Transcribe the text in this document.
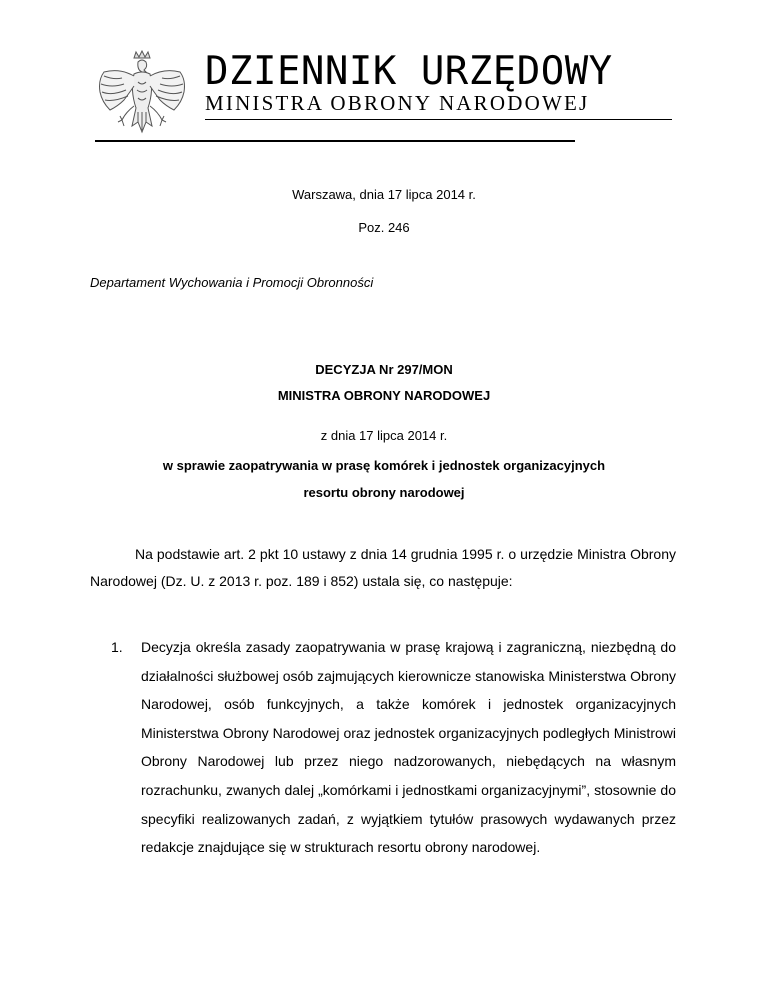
DZIENNIK URZĘDOWY
MINISTRA OBRONY NARODOWEJ
Warszawa, dnia 17 lipca 2014 r.
Poz. 246
Departament Wychowania i Promocji Obronności
DECYZJA Nr 297/MON
MINISTRA OBRONY NARODOWEJ
z dnia 17 lipca 2014 r.
w sprawie zaopatrywania w prasę komórek i jednostek organizacyjnych
resortu obrony narodowej
Na podstawie art. 2 pkt 10 ustawy z dnia 14 grudnia 1995 r. o urzędzie Ministra Obrony Narodowej (Dz. U. z 2013 r. poz. 189 i 852) ustala się, co następuje:
1. Decyzja określa zasady zaopatrywania w prasę krajową i zagraniczną, niezbędną do działalności służbowej osób zajmujących kierownicze stanowiska Ministerstwa Obrony Narodowej, osób funkcyjnych, a także komórek i jednostek organizacyjnych Ministerstwa Obrony Narodowej oraz jednostek organizacyjnych podległych Ministrowi Obrony Narodowej lub przez niego nadzorowanych, niebędących na własnym rozrachunku, zwanych dalej „komórkami i jednostkami organizacyjnymi”, stosownie do specyfiki realizowanych zadań, z wyjątkiem tytułów prasowych wydawanych przez redakcje znajdujące się w strukturach resortu obrony narodowej.
